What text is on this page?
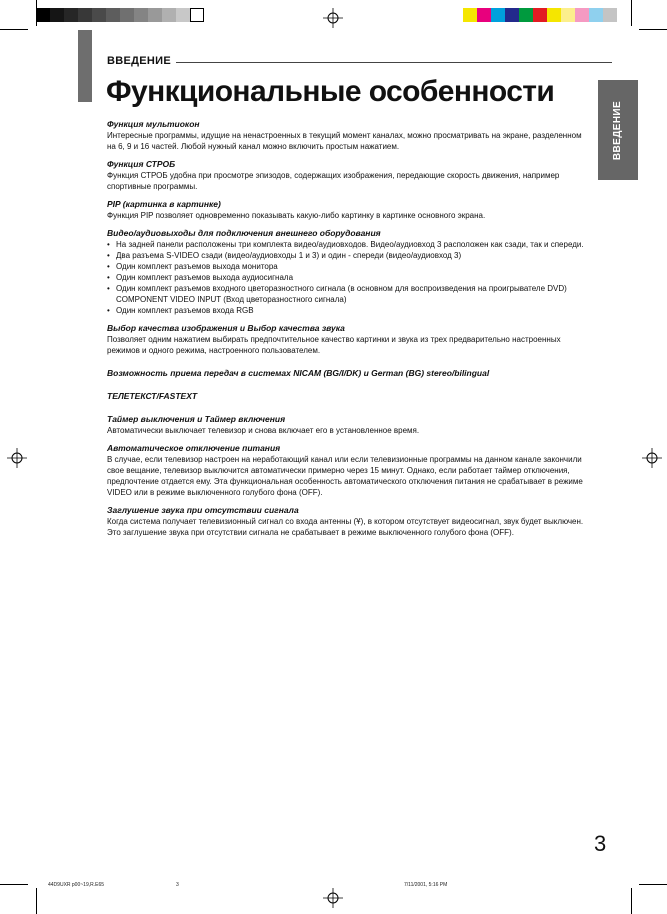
ВВЕДЕНИЕ
Функциональные особенности
ВВЕДЕНИЕ
Функция мультиокон

Интересные программы, идущие на ненастроенных в текущий момент каналах, можно просматривать на экране, разделенном на 6, 9 и 16 частей. Любой нужный канал можно включить простым нажатием.

Функция СТРОБ

Функция СТРОБ удобна при просмотре эпизодов, содержащих изображения, передающие скорость движения, например спортивные программы.

PIP (картинка в картинке)

Функция PIP позволяет одновременно показывать какую-либо картинку в картинке основного экрана.

Видео/аудиовыходы для подключения внешнего оборудования
• На задней панели расположены три комплекта видео/аудиовходов. Видео/аудиовход 3 расположен как сзади, так и спереди.
• Два разъема S-VIDEO сзади (видео/аудиовходы 1 и 3) и один - спереди (видео/аудиовход 3)
• Один комплект разъемов выхода монитора
• Один комплект разъемов выхода аудиосигнала
• Один комплект разъемов входного цветоразностного сигнала (в основном для воспроизведения на проигрывателе DVD) COMPONENT VIDEO INPUT (Вход цветоразностного сигнала)
• Один комплект разъемов входа RGB
Выбор качества изображения и Выбор качества звука

Позволяет одним нажатием выбирать предпочтительное качество картинки и звука из трех предварительно настроенных режимов и одного режима, настроенного пользователем.

Возможность приема передач в системах NICAM (BG/I/DK) и German (BG) stereo/bilingual
ТЕЛЕТЕКСТ/FASTEXT
Таймер выключения и Таймер включения

Автоматически выключает телевизор и снова включает его в установленное время.

Автоматическое отключение питания

В случае, если телевизор настроен на неработающий канал или если телевизионные программы на данном канале закончили свое вещание, телевизор выключится автоматически примерно через 15 минут. Однако, если работает таймер отключения, предпочтение отдается ему. Эта функциональная особенность автоматического отключения питания не срабатывает в режиме VIDEO или в режиме выключенного голубого фона (OFF).

Заглушение звука при отсутствии сигнала

Когда система получает телевизионный сигнал со входа антенны (Ұ), в котором отсутствует видеосигнал, звук будет выключен. Это заглушение звука при отсутствии сигнала не срабатывает в режиме выключенного голубого фона (OFF).

3
44D9UXR p00~19,R.E65	3	7/11/2001, 5:16 PM
